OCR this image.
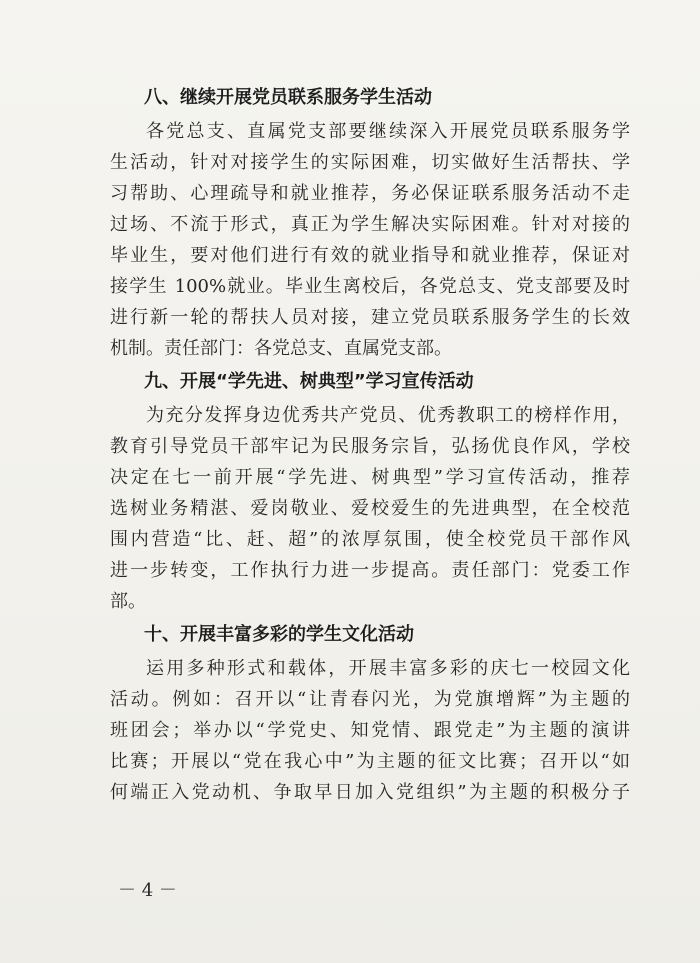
八、继续开展党员联系服务学生活动
各党总支、直属党支部要继续深入开展党员联系服务学
生活动，针对对接学生的实际困难，切实做好生活帮扶、学
习帮助、心理疏导和就业推荐，务必保证联系服务活动不走
过场、不流于形式，真正为学生解决实际困难。针对对接的
毕业生，要对他们进行有效的就业指导和就业推荐，保证对
接学生 100%就业。毕业生离校后，各党总支、党支部要及时
进行新一轮的帮扶人员对接，建立党员联系服务学生的长效
机制。责任部门：各党总支、直属党支部。
九、开展“学先进、树典型”学习宣传活动
为充分发挥身边优秀共产党员、优秀教职工的榜样作用，
教育引导党员干部牢记为民服务宗旨，弘扬优良作风，学校
决定在七一前开展“学先进、树典型”学习宣传活动，推荐
选树业务精湛、爱岗敬业、爱校爱生的先进典型，在全校范
围内营造“比、赶、超”的浓厚氛围，使全校党员干部作风
进一步转变，工作执行力进一步提高。责任部门：党委工作
部。
十、开展丰富多彩的学生文化活动
运用多种形式和载体，开展丰富多彩的庆七一校园文化
活动。例如：召开以“让青春闪光，为党旗增辉”为主题的
班团会；举办以“学党史、知党情、跟党走”为主题的演讲
比赛；开展以“党在我心中”为主题的征文比赛；召开以“如
何端正入党动机、争取早日加入党组织”为主题的积极分子
－ 4 －
